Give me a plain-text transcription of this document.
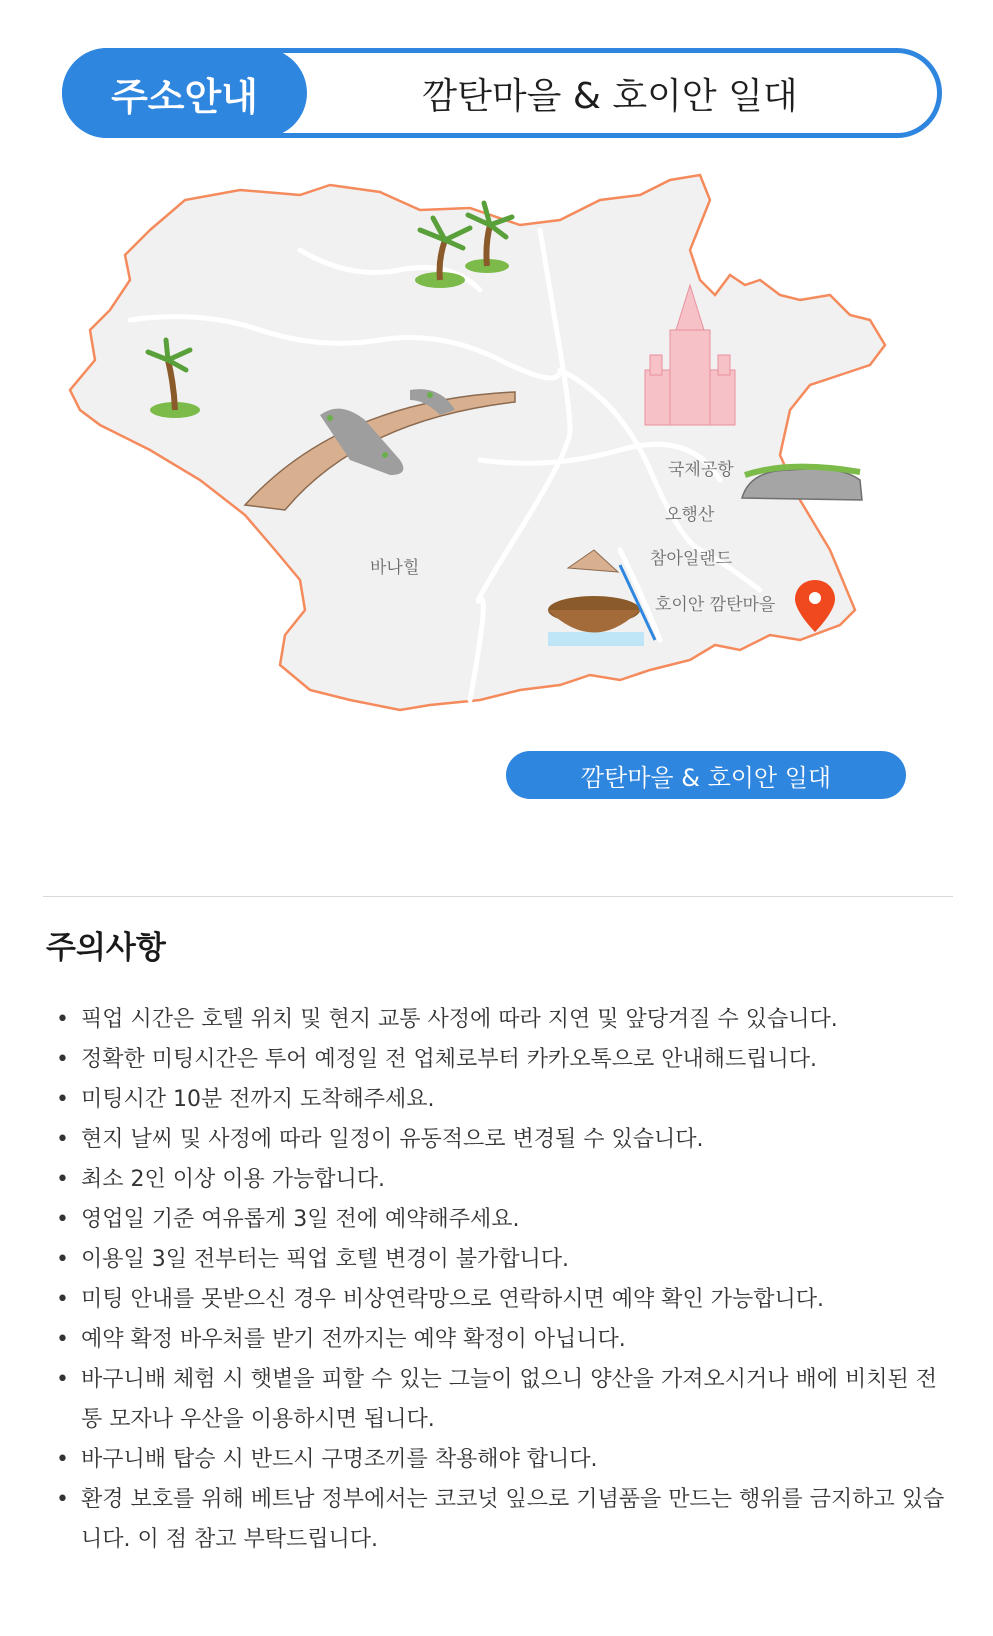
주소안내	깜탄마을 & 호이안 일대
국제공항
오행산
참아일랜드
호이안 깜탄마을
바나힐
깜탄마을 & 호이안 일대
주의사항
• 픽업 시간은 호텔 위치 및 현지 교통 사정에 따라 지연 및 앞당겨질 수 있습니다.
• 정확한 미팅시간은 투어 예정일 전 업체로부터 카카오톡으로 안내해드립니다.
• 미팅시간 10분 전까지 도착해주세요.
• 현지 날씨 및 사정에 따라 일정이 유동적으로 변경될 수 있습니다.
• 최소 2인 이상 이용 가능합니다.
• 영업일 기준 여유롭게 3일 전에 예약해주세요.
• 이용일 3일 전부터는 픽업 호텔 변경이 불가합니다.
• 미팅 안내를 못받으신 경우 비상연락망으로 연락하시면 예약 확인 가능합니다.
• 예약 확정 바우처를 받기 전까지는 예약 확정이 아닙니다.
• 바구니배 체험 시 햇볕을 피할 수 있는 그늘이 없으니 양산을 가져오시거나 배에 비치된 전통 모자나 우산을 이용하시면 됩니다.
• 바구니배 탑승 시 반드시 구명조끼를 착용해야 합니다.
• 환경 보호를 위해 베트남 정부에서는 코코넛 잎으로 기념품을 만드는 행위를 금지하고 있습니다. 이 점 참고 부탁드립니다.
